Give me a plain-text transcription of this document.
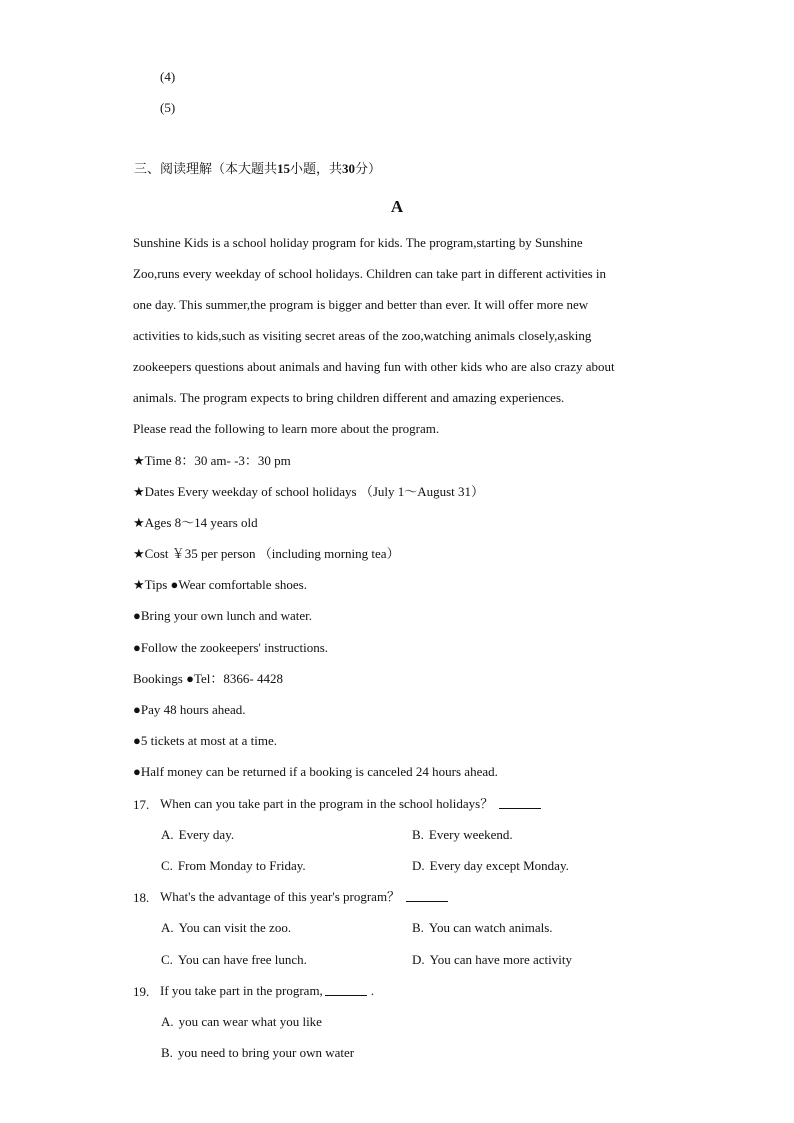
(4)
(5)
三、阅读理解（本大题共15小题，共30分）
A
Sunshine Kids is a school holiday program for kids. The program,starting by Sunshine
Zoo,runs every weekday of school holidays. Children can take part in different activities in
one day. This summer,the program is bigger and better than ever. It will offer more new
activities to kids,such as visiting secret areas of the zoo,watching animals closely,asking
zookeepers questions about animals and having fun with other kids who are also crazy about
animals. The program expects to bring children different and amazing experiences.
Please read the following to learn more about the program.
★Time 8：30 am- -3：30 pm
★Dates Every weekday of school holidays （July 1～August 31）
★Ages 8～14 years old
★Cost ￥35 per person （including morning tea）
★Tips ●Wear comfortable shoes.
●Bring your own lunch and water.
●Follow the zookeepers' instructions.
Bookings ●Tel：8366- 4428
●Pay 48 hours ahead.
●5 tickets at most at a time.
●Half money can be returned if a booking is canceled 24 hours ahead.
17. When can you take part in the program in the school holidays？
A. Every day.	B. Every weekend.
C. From Monday to Friday.	D. Every day except Monday.
18. What's the advantage of this year's program？
A. You can visit the zoo.	B. You can watch animals.
C. You can have free lunch.	D. You can have more activity
19. If you take part in the program,	.
A. you can wear what you like
B. you need to bring your own water
